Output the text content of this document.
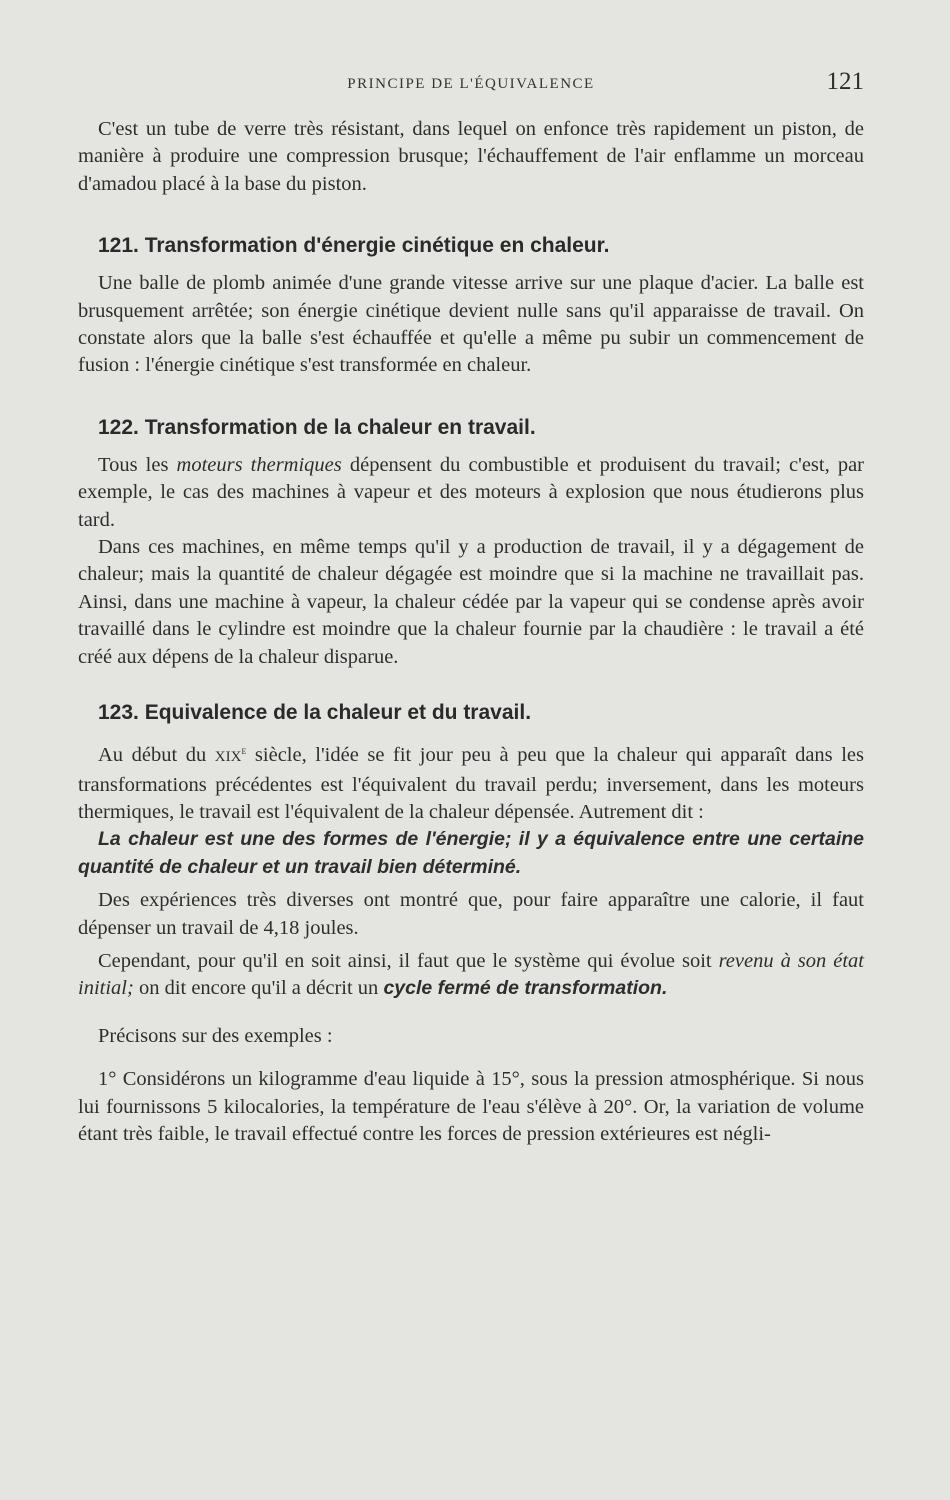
PRINCIPE DE L'ÉQUIVALENCE	121

C'est un tube de verre très résistant, dans lequel on enfonce très rapidement un piston, de manière à produire une compression brusque; l'échauffement de l'air enflamme un morceau d'amadou placé à la base du piston.

121. Transformation d'énergie cinétique en chaleur.

Une balle de plomb animée d'une grande vitesse arrive sur une plaque d'acier. La balle est brusquement arrêtée; son énergie cinétique devient nulle sans qu'il apparaisse de travail. On constate alors que la balle s'est échauffée et qu'elle a même pu subir un commencement de fusion : l'énergie cinétique s'est transformée en chaleur.

122. Transformation de la chaleur en travail.

Tous les moteurs thermiques dépensent du combustible et produisent du travail; c'est, par exemple, le cas des machines à vapeur et des moteurs à explosion que nous étudierons plus tard.

Dans ces machines, en même temps qu'il y a production de travail, il y a dégagement de chaleur; mais la quantité de chaleur dégagée est moindre que si la machine ne travaillait pas. Ainsi, dans une machine à vapeur, la chaleur cédée par la vapeur qui se condense après avoir travaillé dans le cylindre est moindre que la chaleur fournie par la chaudière : le travail a été créé aux dépens de la chaleur disparue.

123. Equivalence de la chaleur et du travail.

Au début du XIXe siècle, l'idée se fit jour peu à peu que la chaleur qui apparaît dans les transformations précédentes est l'équivalent du travail perdu; inversement, dans les moteurs thermiques, le travail est l'équivalent de la chaleur dépensée. Autrement dit :

La chaleur est une des formes de l'énergie; il y a équivalence entre une certaine quantité de chaleur et un travail bien déterminé.

Des expériences très diverses ont montré que, pour faire apparaître une calorie, il faut dépenser un travail de 4,18 joules.

Cependant, pour qu'il en soit ainsi, il faut que le système qui évolue soit revenu à son état initial; on dit encore qu'il a décrit un cycle fermé de transformation.

Précisons sur des exemples :

1° Considérons un kilogramme d'eau liquide à 15°, sous la pression atmosphérique. Si nous lui fournissons 5 kilocalories, la température de l'eau s'élève à 20°. Or, la variation de volume étant très faible, le travail effectué contre les forces de pression extérieures est négli-
